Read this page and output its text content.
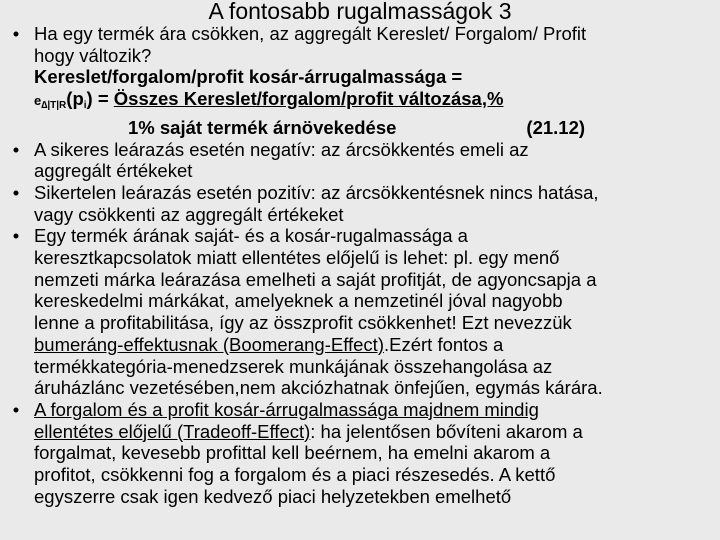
A fontosabb rugalmasságok 3
• Ha egy termék ára csökken, az aggregált Kereslet/ Forgalom/ Profit
hogy változik?
Kereslet/forgalom/profit kosár-árrugalmassága =
$e_{\Delta|T|R}(p_i)$ = Összes Kereslet/forgalom/profit változása,%
1% saját termék árnövekedése	(21.12)
• A sikeres leárazás esetén negatív: az árcsökkentés emeli az
aggregált értékeket
• Sikertelen leárazás esetén pozitív: az árcsökkentésnek nincs hatása,
vagy csökkenti az aggregált értékeket
• Egy termék árának saját- és a kosár-rugalmassága a
keresztkapcsolatok miatt ellentétes előjelű is lehet: pl. egy menő
nemzeti márka leárazása emelheti a saját profitját, de agyoncsapja a
kereskedelmi márkákat, amelyeknek a nemzetinél jóval nagyobb
lenne a profitabilitása, így az összprofit csökkenhet! Ezt nevezzük
bumeráng-effektusnak (Boomerang-Effect).Ezért fontos a
termékkategória-menedzserek munkájának összehangolása az
áruházlánc vezetésében,nem akciózhatnak önfejűen, egymás kárára.
• A forgalom és a profit kosár-árrugalmassága majdnem mindig
ellentétes előjelű (Tradeoff-Effect): ha jelentősen bővíteni akarom a
forgalmat, kevesebb profittal kell beérnem, ha emelni akarom a
profitot, csökkenni fog a forgalom és a piaci részesedés. A kettő
egyszerre csak igen kedvező piaci helyzetekben emelhető
